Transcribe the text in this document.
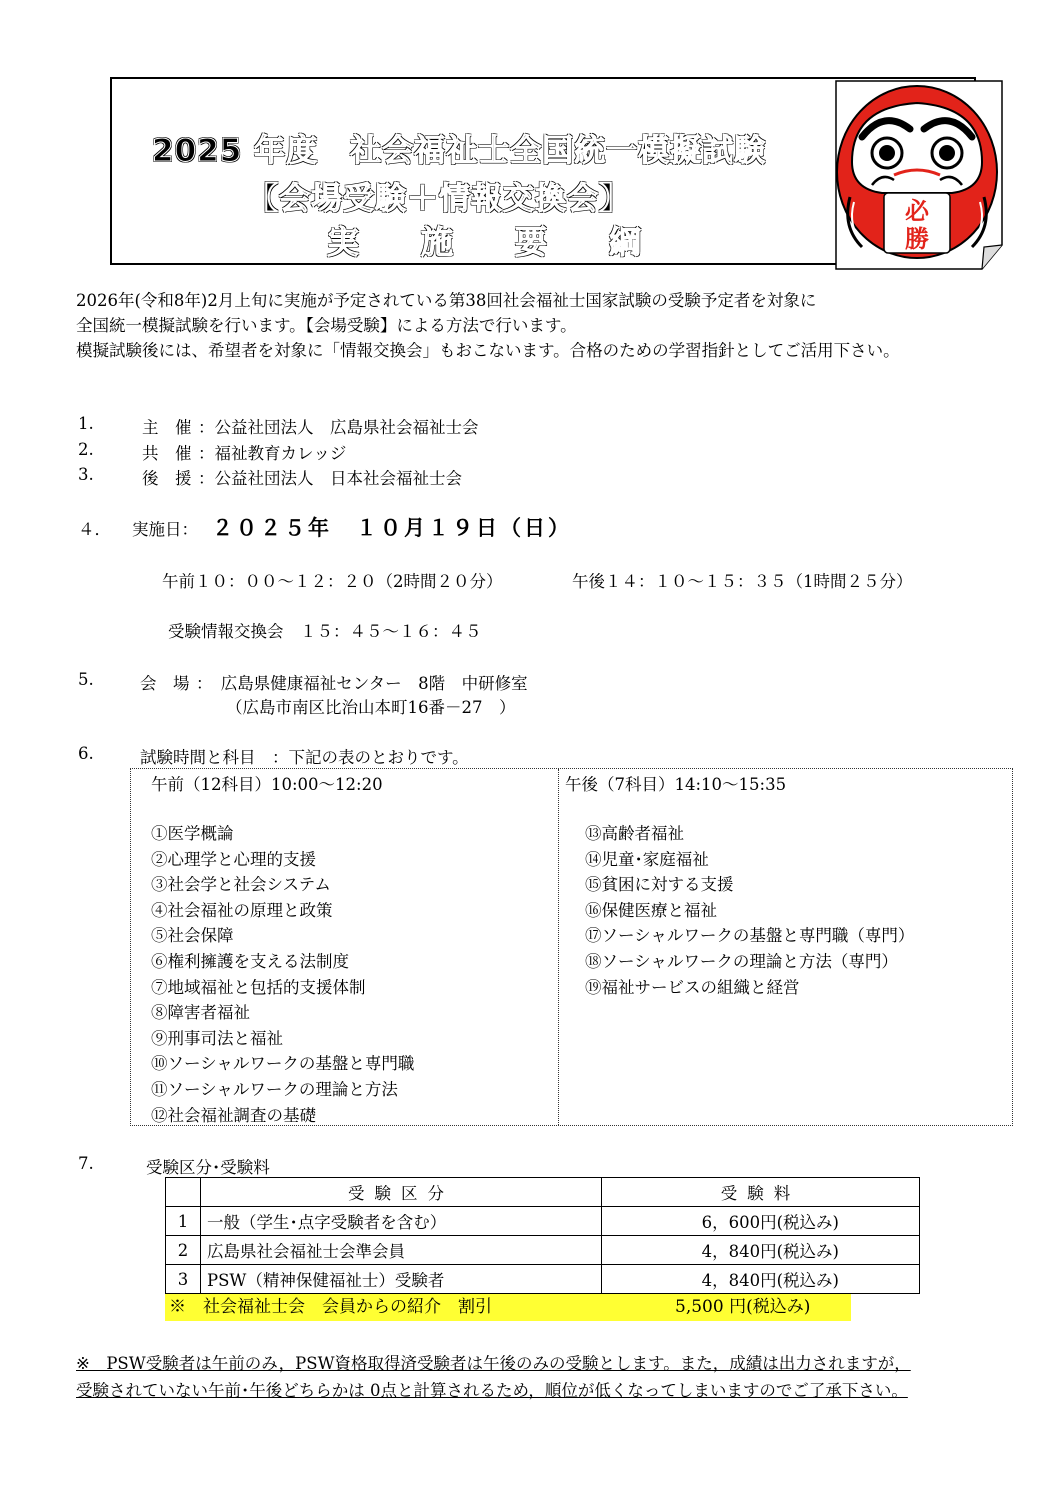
2025 年度　社会福祉士全国統一模擬試験
【会場受験＋情報交換会】
実施要綱
必
勝
2026年(令和8年)2月上旬に実施が予定されている第38回社会福祉士国家試験の受験予定者を対象に
全国統一模擬試験を行います。【会場受験】による方法で行います。
模擬試験後には、希望者を対象に「情報交換会」もおこないます。合格のための学習指針としてご活用下さい。
1.	主　催 ：公益社団法人　広島県社会福祉士会
2.	共　催 ：福祉教育カレッジ
3.	後　援 ：公益社団法人　日本社会福祉士会
４． 実施日： ２０２５年　１０月１９日（日）
午前１０：００～１２：２０（2時間２０分）	午後１４：１０～１５：３５（1時間２５分）
受験情報交換会　１５：４５～１６：４５
5.	会　場 ：　広島県健康福祉センター　8階　中研修室
（広島市南区比治山本町16番－27　）
6.	試験時間と科目　：下記の表のとおりです。
午前（12科目）10:00～12:20
①医学概論
②心理学と心理的支援
③社会学と社会システム
④社会福祉の原理と政策
⑤社会保障
⑥権利擁護を支える法制度
⑦地域福祉と包括的支援体制
⑧障害者福祉
⑨刑事司法と福祉
⑩ソーシャルワークの基盤と専門職
⑪ソーシャルワークの理論と方法
⑫社会福祉調査の基礎
午後（7科目）14:10～15:35
⑬高齢者福祉
⑭児童･家庭福祉
⑮貧困に対する支援
⑯保健医療と福祉
⑰ソーシャルワークの基盤と専門職（専門）
⑱ソーシャルワークの理論と方法（専門）
⑲福祉サービスの組織と経営
7.	受験区分･受験料
	受験区分	受験料
1	一般（学生･点字受験者を含む）	6，600円(税込み)
2	広島県社会福祉士会準会員	4，840円(税込み)
3	PSW（精神保健福祉士）受験者	4，840円(税込み)
※　社会福祉士会　会員からの紹介　割引	5,500 円(税込み)
※　PSW受験者は午前のみ，PSW資格取得済受験者は午後のみの受験とします。また，成績は出力されますが，
受験されていない午前･午後どちらかは 0点と計算されるため，順位が低くなってしまいますのでご了承下さい。
